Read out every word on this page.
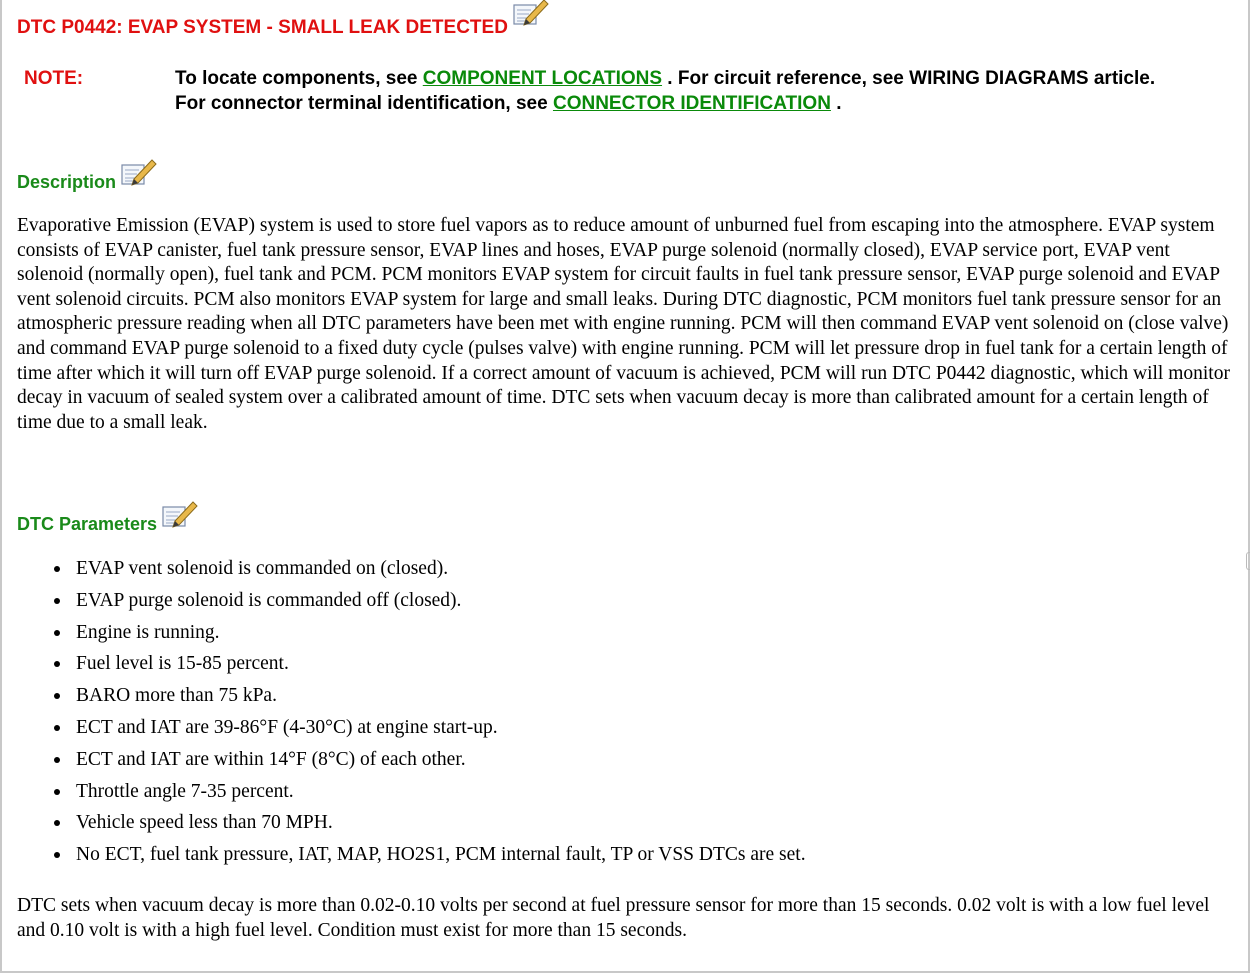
DTC P0442: EVAP SYSTEM - SMALL LEAK DETECTED
NOTE:	To locate components, see COMPONENT LOCATIONS . For circuit reference, see WIRING DIAGRAMS article. For connector terminal identification, see CONNECTOR IDENTIFICATION .
Description

Evaporative Emission (EVAP) system is used to store fuel vapors as to reduce amount of unburned fuel from escaping into the atmosphere. EVAP system consists of EVAP canister, fuel tank pressure sensor, EVAP lines and hoses, EVAP purge solenoid (normally closed), EVAP service port, EVAP vent solenoid (normally open), fuel tank and PCM. PCM monitors EVAP system for circuit faults in fuel tank pressure sensor, EVAP purge solenoid and EVAP vent solenoid circuits. PCM also monitors EVAP system for large and small leaks. During DTC diagnostic, PCM monitors fuel tank pressure sensor for an atmospheric pressure reading when all DTC parameters have been met with engine running. PCM will then command EVAP vent solenoid on (close valve) and command EVAP purge solenoid to a fixed duty cycle (pulses valve) with engine running. PCM will let pressure drop in fuel tank for a certain length of time after which it will turn off EVAP purge solenoid. If a correct amount of vacuum is achieved, PCM will run DTC P0442 diagnostic, which will monitor decay in vacuum of sealed system over a calibrated amount of time. DTC sets when vacuum decay is more than calibrated amount for a certain length of time due to a small leak.

DTC Parameters
EVAP vent solenoid is commanded on (closed).
EVAP purge solenoid is commanded off (closed).
Engine is running.
Fuel level is 15-85 percent.
BARO more than 75 kPa.
ECT and IAT are 39-86°F (4-30°C) at engine start-up.
ECT and IAT are within 14°F (8°C) of each other.
Throttle angle 7-35 percent.
Vehicle speed less than 70 MPH.
No ECT, fuel tank pressure, IAT, MAP, HO2S1, PCM internal fault, TP or VSS DTCs are set.

DTC sets when vacuum decay is more than 0.02-0.10 volts per second at fuel pressure sensor for more than 15 seconds. 0.02 volt is with a low fuel level and 0.10 volt is with a high fuel level. Condition must exist for more than 15 seconds.
